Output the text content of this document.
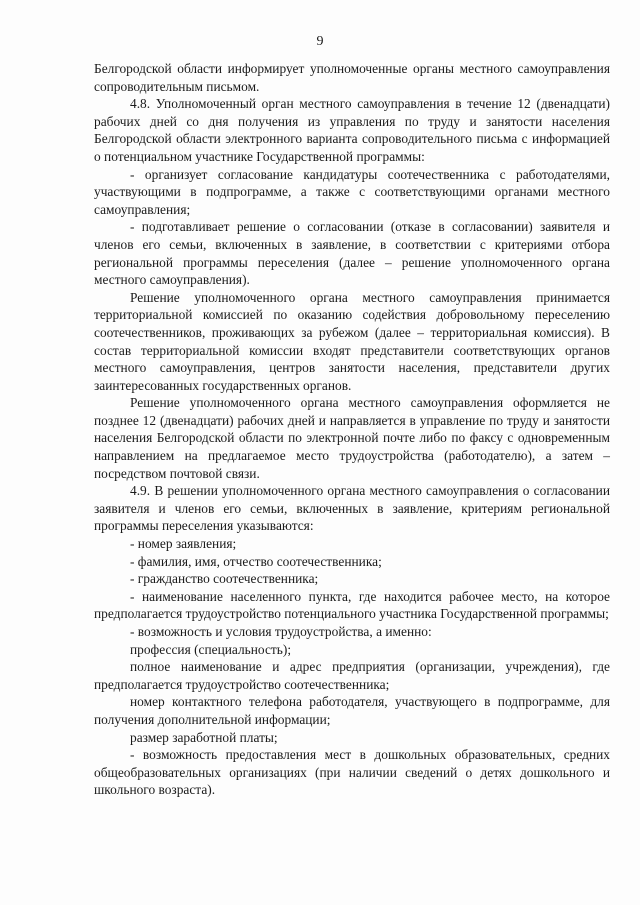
9

Белгородской области информирует уполномоченные органы местного самоуправления сопроводительным письмом.

4.8. Уполномоченный орган местного самоуправления в течение 12 (двенадцати) рабочих дней со дня получения из управления по труду и занятости населения Белгородской области электронного варианта сопроводительного письма с информацией о потенциальном участнике Государственной программы:

- организует согласование кандидатуры соотечественника с работодателями, участвующими в подпрограмме, а также с соответствующими органами местного самоуправления;

- подготавливает решение о согласовании (отказе в согласовании) заявителя и членов его семьи, включенных в заявление, в соответствии с критериями отбора региональной программы переселения (далее – решение уполномоченного органа местного самоуправления).

Решение уполномоченного органа местного самоуправления принимается территориальной комиссией по оказанию содействия добровольному переселению соотечественников, проживающих за рубежом (далее – территориальная комиссия). В состав территориальной комиссии входят представители соответствующих органов местного самоуправления, центров занятости населения, представители других заинтересованных государственных органов.

Решение уполномоченного органа местного самоуправления оформляется не позднее 12 (двенадцати) рабочих дней и направляется в управление по труду и занятости населения Белгородской области по электронной почте либо по факсу с одновременным направлением на предлагаемое место трудоустройства (работодателю), а затем – посредством почтовой связи.

4.9. В решении уполномоченного органа местного самоуправления о согласовании заявителя и членов его семьи, включенных в заявление, критериям региональной программы переселения указываются:

- номер заявления;

- фамилия, имя, отчество соотечественника;

- гражданство соотечественника;

- наименование населенного пункта, где находится рабочее место, на которое предполагается трудоустройство потенциального участника Государственной программы;

- возможность и условия трудоустройства, а именно:

профессия (специальность);

полное наименование и адрес предприятия (организации, учреждения), где предполагается трудоустройство соотечественника;

номер контактного телефона работодателя, участвующего в подпрограмме, для получения дополнительной информации;

размер заработной платы;

- возможность предоставления мест в дошкольных образовательных, средних общеобразовательных организациях (при наличии сведений о детях дошкольного и школьного возраста).
